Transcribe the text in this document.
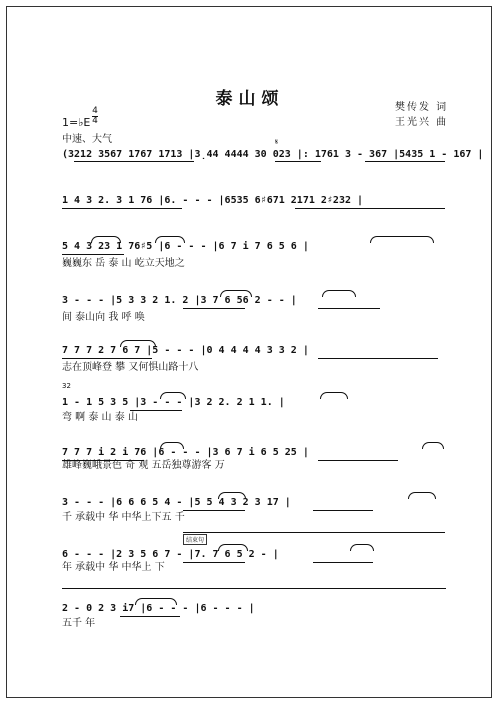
泰山颂	樊传发 词
王光兴 曲
1=♭E
4
4
中速、大气
(3212 3567 1767 1713 |3̣44 4444 30 023 |: 1761 3 - 367 |5435 1 - 167 |
𝄋
1 4 3 2. 3 1 76 |6. - - - |6535 6♯671 2171 2♯232 |
5 4 3 23 1 76♯5 |6 - - - |6 7 i 7 6 5 6 |
巍巍东 岳 泰 山 屹立天地之
3 - - - |5 3 3 2 1. 2 |3 7 6 56 2 - - |
间 泰山向 我 呼 唤
7 7 7 2 7 6 7 |5 - - - |0 4 4 4 4 3 3 2 |
志在顶峰登 攀 又何惧山路十八
32
1 - 1 5 3 5 |3 - - - |3 2 2. 2 1 1. |
弯 啊 泰 山 泰 山
7 7 7 i 2 i 76 |6 - - - |3 6 7 i 6 5 25 |
雄峰巍峨景色 奇 观 五岳独尊游客 万
3 - - - |6 6 6 5 4 - |5 5 4 3 2 3 17 |
千 承载中 华 中华上下五 千
结束句
6 - - - |2 3 5 6 7 - |7. 7 6 5 2 - |
年 承载中 华 中华上 下
2 - 0 2 3 i7 |6 - - - |6 - - - |
五千 年
